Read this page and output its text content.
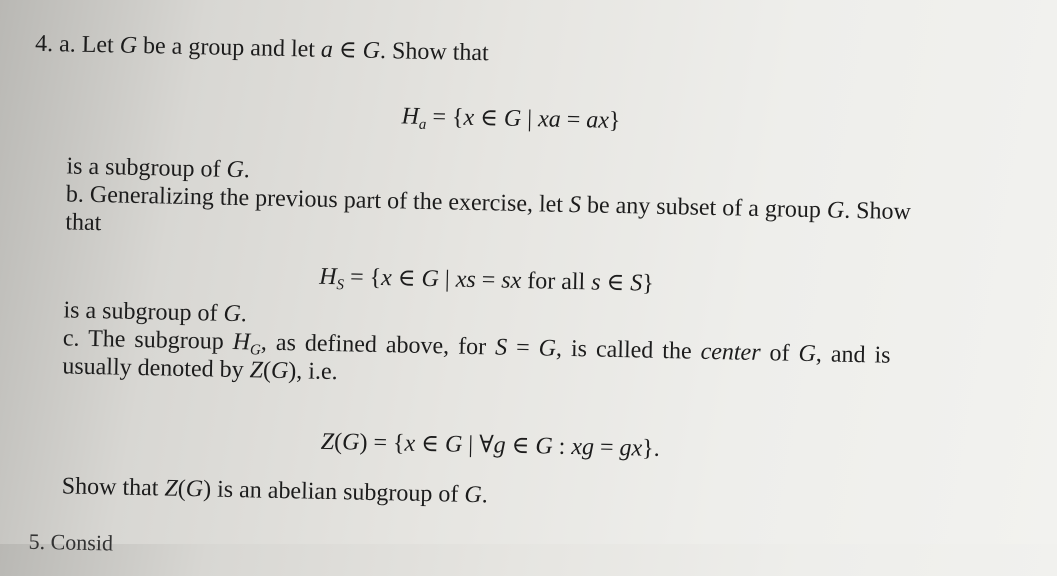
4. a. Let G be a group and let a ∈ G. Show that
$H_a = \{x$ ∈ G | xa = ax}
is a subgroup of G.
b. Generalizing the previous part of the exercise, let S be any subset of a group G. Show
that
$H_S = \{x$ ∈ G | xs = sx for all s ∈ S}
is a subgroup of G.
c. The subgroup $H_G$, as defined above, for S = G, is called the center of G, and is
usually denoted by Z(G), i.e.
Z(G) = {x ∈ G | ∀g ∈ G : xg = gx}.
Show that Z(G) is an abelian subgroup of G.
5. Consid
